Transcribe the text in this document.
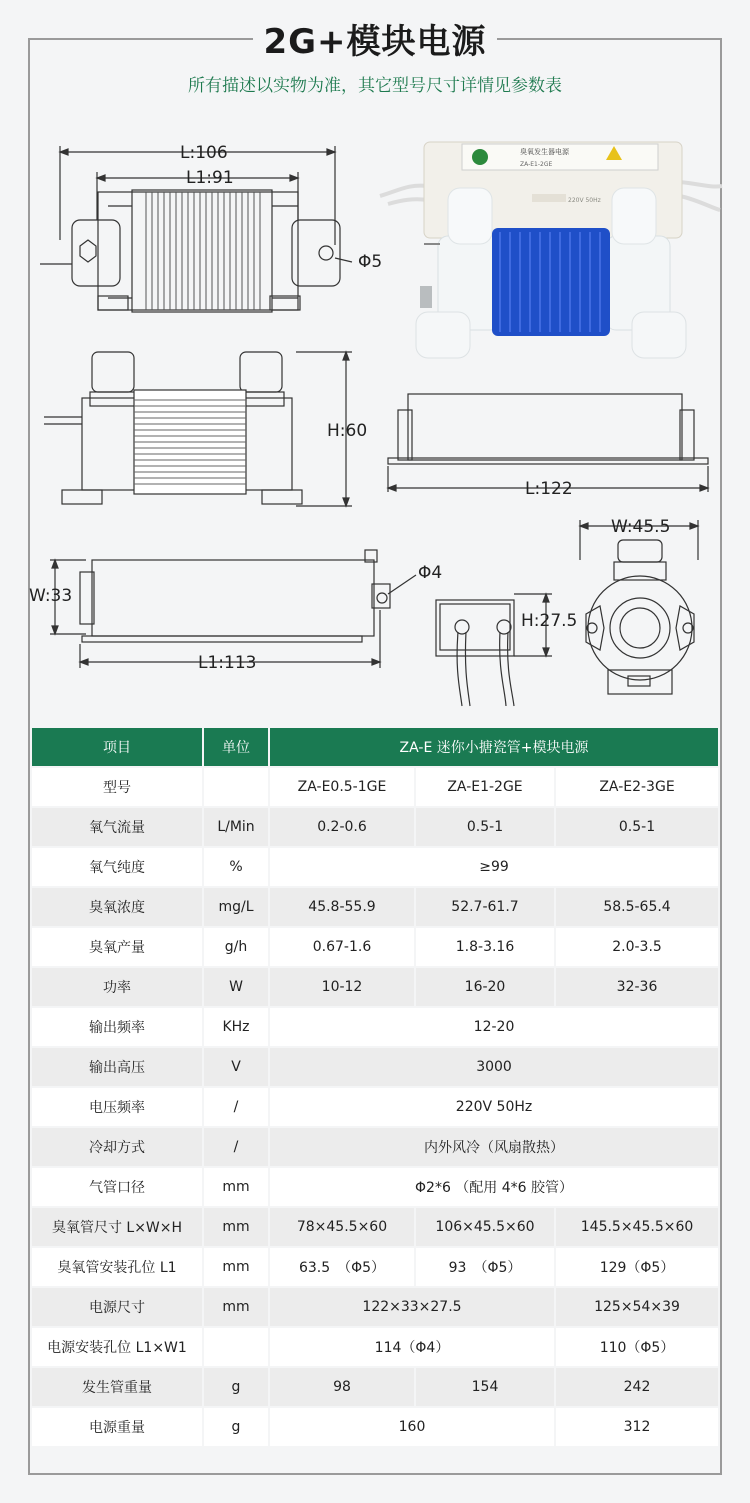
2G+模块电源
所有描述以实物为准，其它型号尺寸详情见参数表
臭氧发生器电源
ZA-E1-2GE
220V 50Hz
L:106
L1:91
Φ5
H:60
L:122
W:33
Φ4
L1:113
H:27.5
W:45.5
项目	单位	ZA-E 迷你小搪瓷管+模块电源		
型号		ZA-E0.5-1GE	ZA-E1-2GE	ZA-E2-3GE
氧气流量	L/Min	0.2-0.6	0.5-1	0.5-1
氧气纯度	%	≥99		
臭氧浓度	mg/L	45.8-55.9	52.7-61.7	58.5-65.4
臭氧产量	g/h	0.67-1.6	1.8-3.16	2.0-3.5
功率	W	10-12	16-20	32-36
输出频率	KHz	12-20		
输出高压	V	3000		
电压频率	/	220V 50Hz		
冷却方式	/	内外风冷（风扇散热）		
气管口径	mm	Φ2*6 （配用 4*6 胶管）		
臭氧管尺寸 L×W×H	mm	78×45.5×60	106×45.5×60	145.5×45.5×60
臭氧管安装孔位 L1	mm	63.5　（Φ5）	93　（Φ5）	129（Φ5）
电源尺寸	mm	122×33×27.5		125×54×39
电源安装孔位 L1×W1		114（Φ4）		110（Φ5）
发生管重量	g	98	154	242
电源重量	g	160		312
